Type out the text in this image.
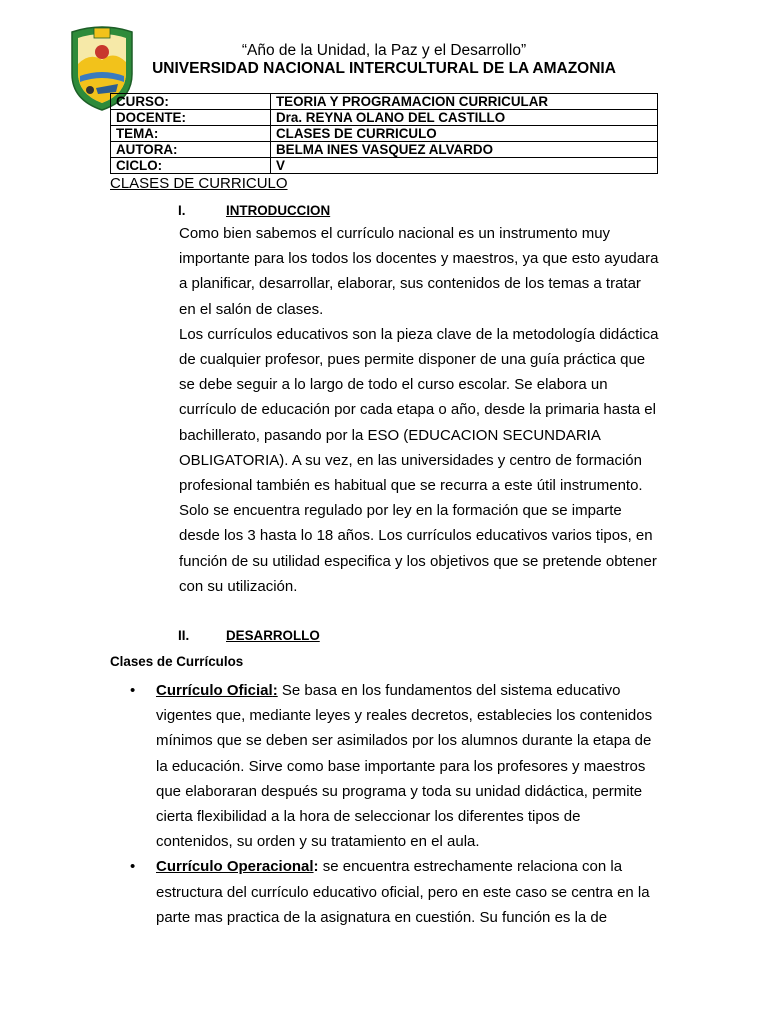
“Año de la Unidad, la Paz y el Desarrollo”
UNIVERSIDAD NACIONAL INTERCULTURAL DE LA AMAZONIA
CURSO:	TEORIA Y PROGRAMACION CURRICULAR
DOCENTE:	Dra. REYNA OLANO DEL CASTILLO
TEMA:	CLASES DE CURRICULO
AUTORA:	BELMA INES VASQUEZ ALVARDO
CICLO:	V
CLASES DE CURRICULO
I.	INTRODUCCION

Como bien sabemos el currículo nacional es un instrumento muy importante para los todos los docentes y maestros, ya que esto ayudara a planificar, desarrollar, elaborar, sus contenidos de los temas a tratar en el salón de clases.

Los currículos educativos son la pieza clave de la metodología didáctica de cualquier profesor, pues permite disponer de una guía práctica que se debe seguir a lo largo de todo el curso escolar. Se elabora un currículo de educación por cada etapa o año, desde la primaria hasta el bachillerato, pasando por la ESO (EDUCACION SECUNDARIA OBLIGATORIA). A su vez, en las universidades y centro de formación profesional también es habitual que se recurra a este útil instrumento.

Solo se encuentra regulado por ley en la formación que se imparte desde los 3 hasta lo 18 años. Los currículos educativos varios tipos, en función de su utilidad especifica y los objetivos que se pretende obtener con su utilización.

II.	DESARROLLO
Clases de Currículos
• Currículo Oficial: Se basa en los fundamentos del sistema educativo vigentes que, mediante leyes y reales decretos, establecies los contenidos mínimos que se deben ser asimilados por los alumnos durante la etapa de la educación. Sirve como base importante para los profesores y maestros que elaboraran después su programa y toda su unidad didáctica, permite cierta flexibilidad a la hora de seleccionar los diferentes tipos de contenidos, su orden y su tratamiento en el aula.
• Currículo Operacional: se encuentra estrechamente relaciona con la estructura del currículo educativo oficial, pero en este caso se centra en la parte mas practica de la asignatura en cuestión. Su función es la de
